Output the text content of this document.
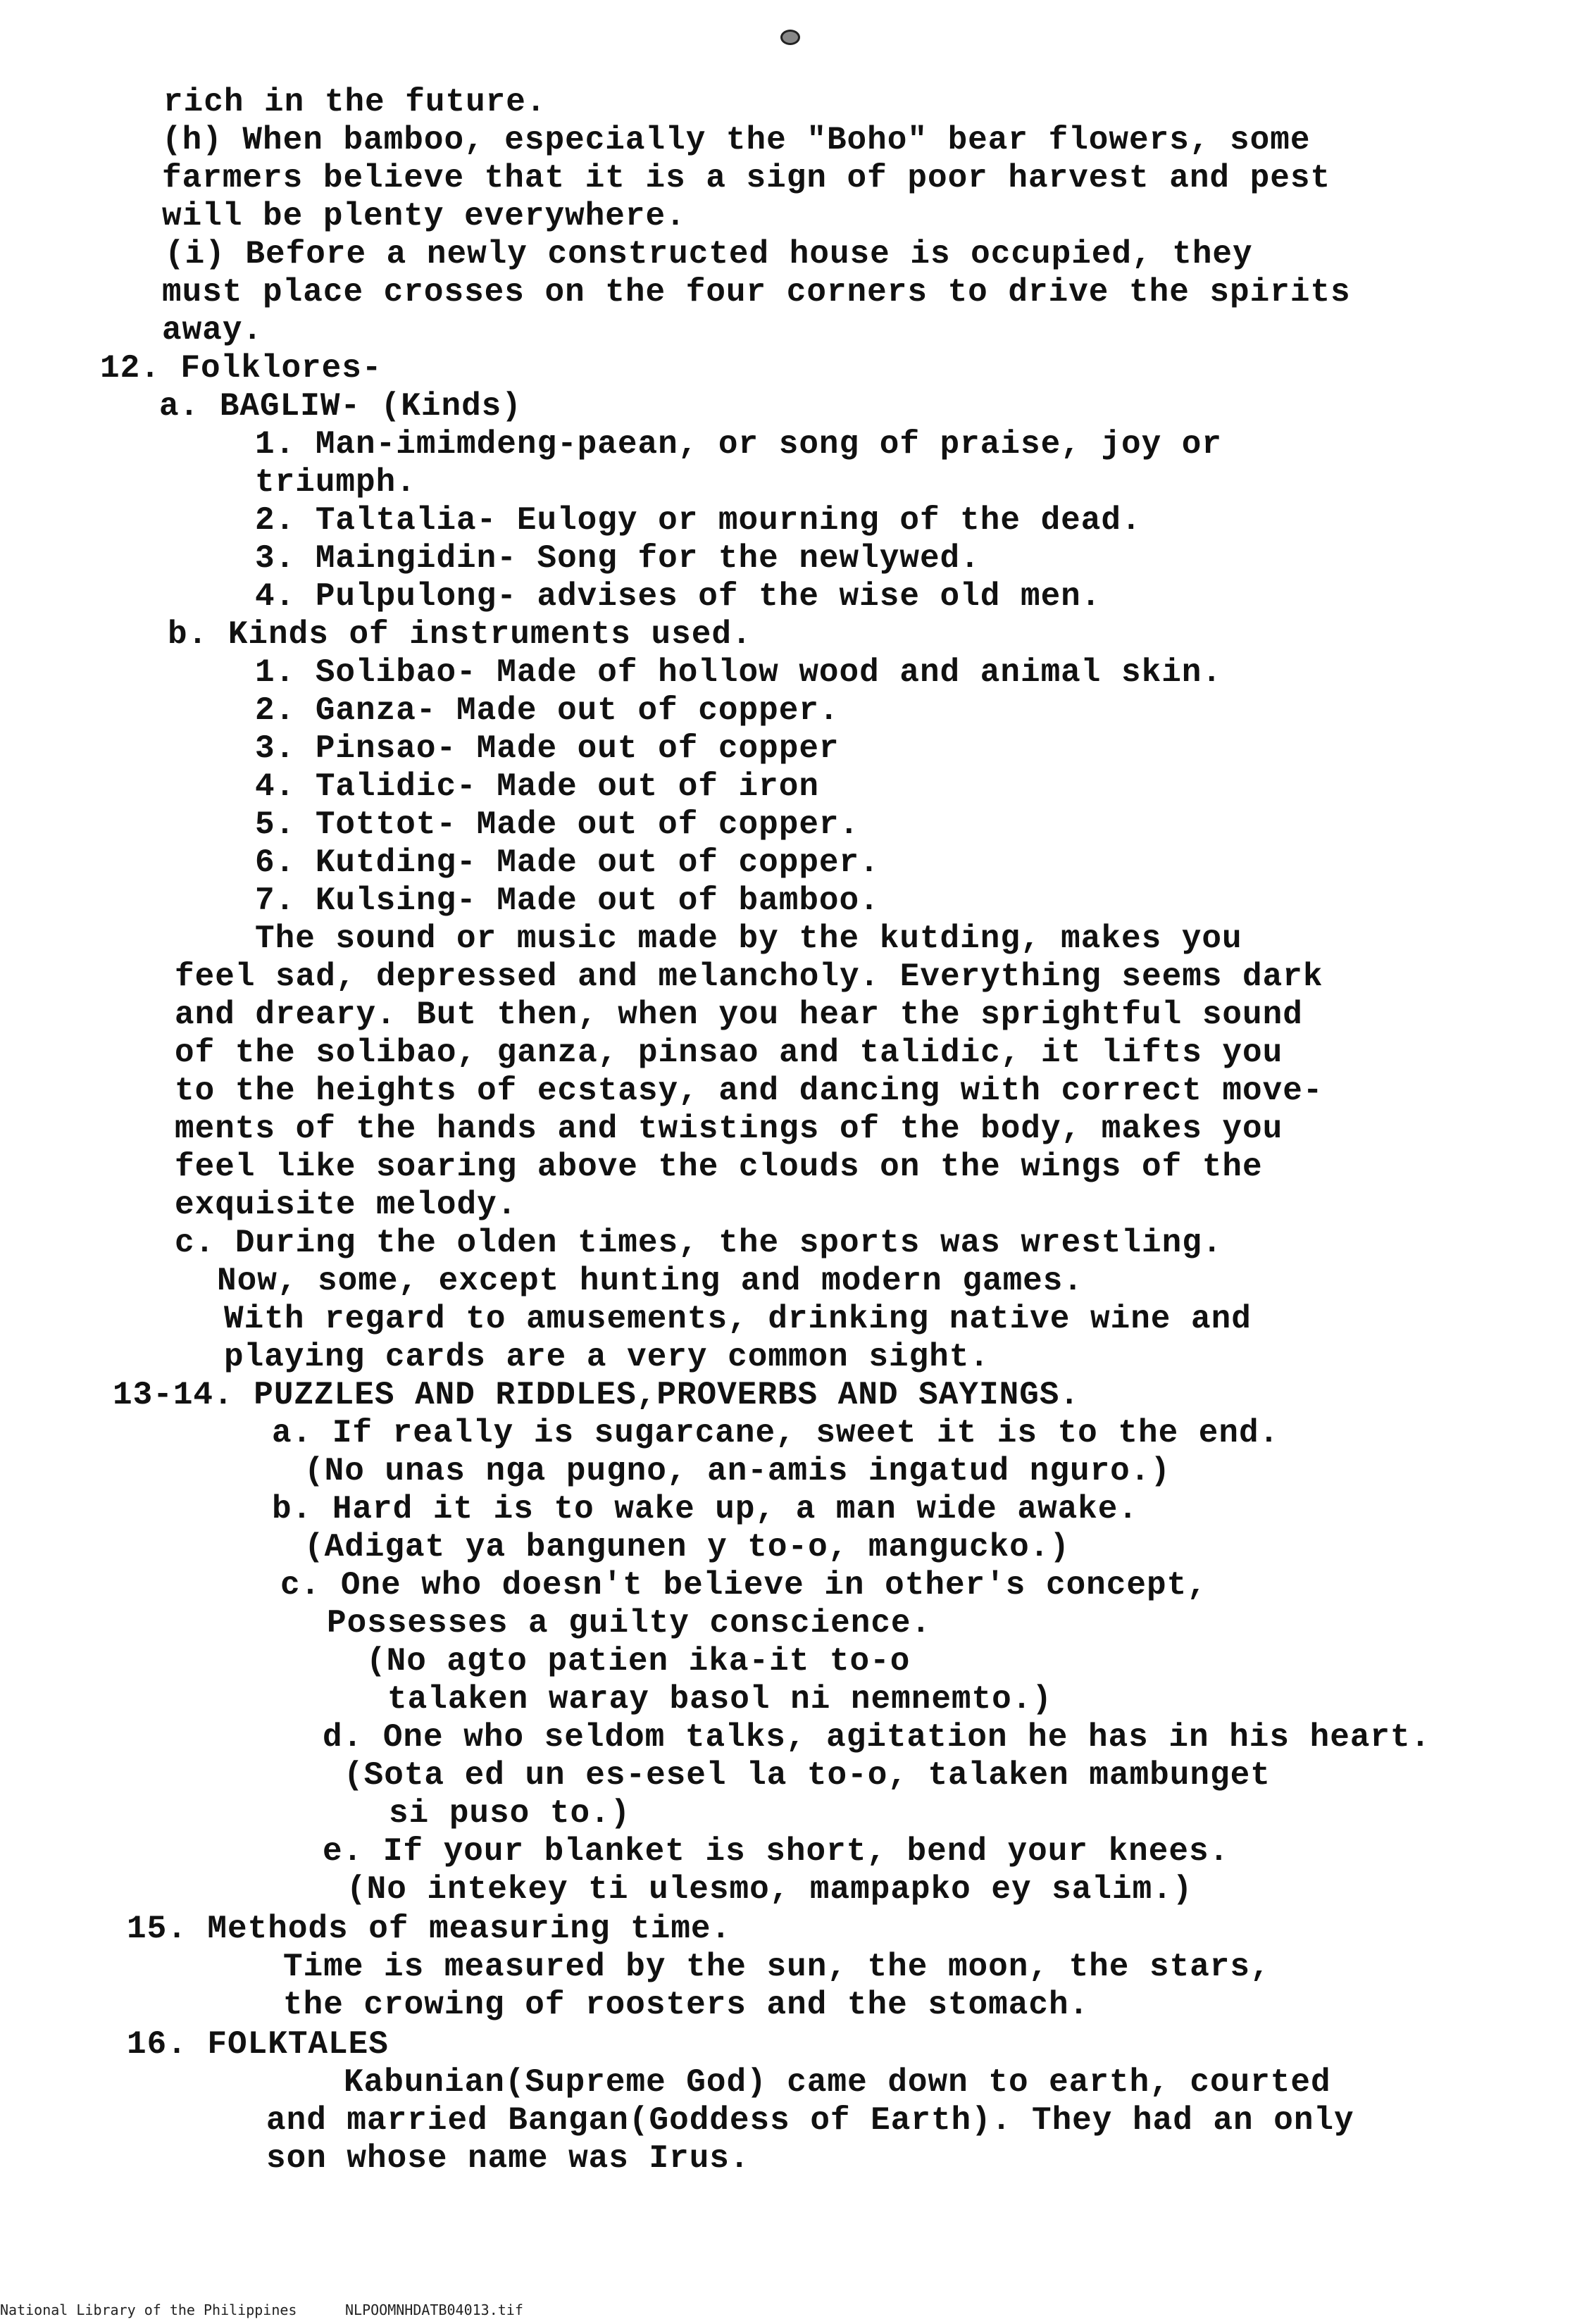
rich in the future.
(h) When bamboo, especially the "Boho" bear flowers, some
farmers believe that it is a sign of poor harvest and pest
will be plenty everywhere.
(i) Before a newly constructed house is occupied, they
must place crosses on the four corners to drive the spirits
away.
12. Folklores-
a. BAGLIW- (Kinds)
1. Man-imimdeng-paean, or song of praise, joy or
triumph.
2. Taltalia- Eulogy or mourning of the dead.
3. Maingidin- Song for the newlywed.
4. Pulpulong- advises of the wise old men.
b. Kinds of instruments used.
1. Solibao- Made of hollow wood and animal skin.
2. Ganza- Made out of copper.
3. Pinsao- Made out of copper
4. Talidic- Made out of iron
5. Tottot- Made out of copper.
6. Kutding- Made out of copper.
7. Kulsing- Made out of bamboo.
The sound or music made by the kutding, makes you
feel sad, depressed and melancholy. Everything seems dark
and dreary. But then, when you hear the sprightful sound
of the solibao, ganza, pinsao and talidic, it lifts you
to the heights of ecstasy, and dancing with correct move-
ments of the hands and twistings of the body, makes you
feel like soaring above the clouds on the wings of the
exquisite melody.
c. During the olden times, the sports was wrestling.
Now, some, except hunting and modern games.
With regard to amusements, drinking native wine and
playing cards are a very common sight.
13-14. PUZZLES AND RIDDLES,PROVERBS AND SAYINGS.
a. If really is sugarcane, sweet it is to the end.
(No unas nga pugno, an-amis ingatud nguro.)
b. Hard it is to wake up, a man wide awake.
(Adigat ya bangunen y to-o, mangucko.)
c. One who doesn't believe in other's concept,
Possesses a guilty conscience.
(No agto patien ika-it to-o
talaken waray basol ni nemnemto.)
d. One who seldom talks, agitation he has in his heart.
(Sota ed un es-esel la to-o, talaken mambunget
si puso to.)
e. If your blanket is short, bend your knees.
(No intekey ti ulesmo, mampapko ey salim.)
15. Methods of measuring time.
Time is measured by the sun, the moon, the stars,
the crowing of roosters and the stomach.
16. FOLKTALES
Kabunian(Supreme God) came down to earth, courted
and married Bangan(Goddess of Earth). They had an only
son whose name was Irus.
National Library of the Philippines	NLPOOMNHDATB04013.tif
